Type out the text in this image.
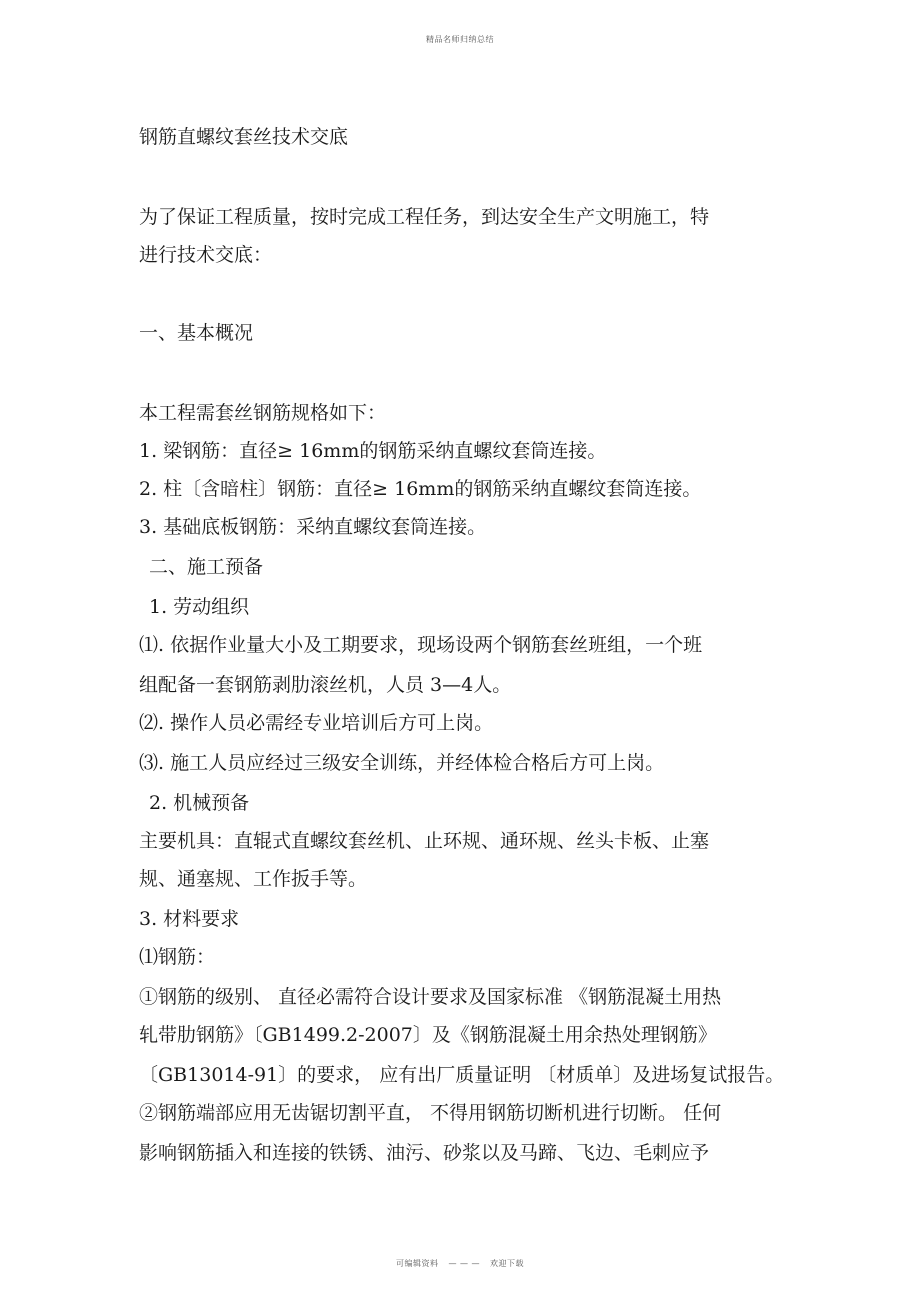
精品名师归纳总结
钢筋直螺纹套丝技术交底
为了保证工程质量，按时完成工程任务，到达安全生产文明施工，特
进行技术交底：
一、基本概况
本工程需套丝钢筋规格如下：
1. 梁钢筋：直径≥ 16mm的钢筋采纳直螺纹套筒连接。
2. 柱〔含暗柱〕钢筋：直径≥ 16mm的钢筋采纳直螺纹套筒连接。
3. 基础底板钢筋：采纳直螺纹套筒连接。
二、施工预备
1. 劳动组织
⑴. 依据作业量大小及工期要求，现场设两个钢筋套丝班组，一个班
组配备一套钢筋剥肋滚丝机，人员 3—4人。
⑵. 操作人员必需经专业培训后方可上岗。
⑶. 施工人员应经过三级安全训练，并经体检合格后方可上岗。
2. 机械预备
主要机具：直辊式直螺纹套丝机、止环规、通环规、丝头卡板、止塞
规、通塞规、工作扳手等。
3. 材料要求
⑴钢筋：
①钢筋的级别、 直径必需符合设计要求及国家标准 《钢筋混凝土用热
轧带肋钢筋》〔GB1499.2-2007〕及《钢筋混凝土用余热处理钢筋》
〔GB13014-91〕的要求， 应有出厂质量证明 〔材质单〕及进场复试报告。
②钢筋端部应用无齿锯切割平直， 不得用钢筋切断机进行切断。 任何
影响钢筋插入和连接的铁锈、油污、砂浆以及马蹄、飞边、毛刺应予
可编辑资料 — — — 欢迎下载
